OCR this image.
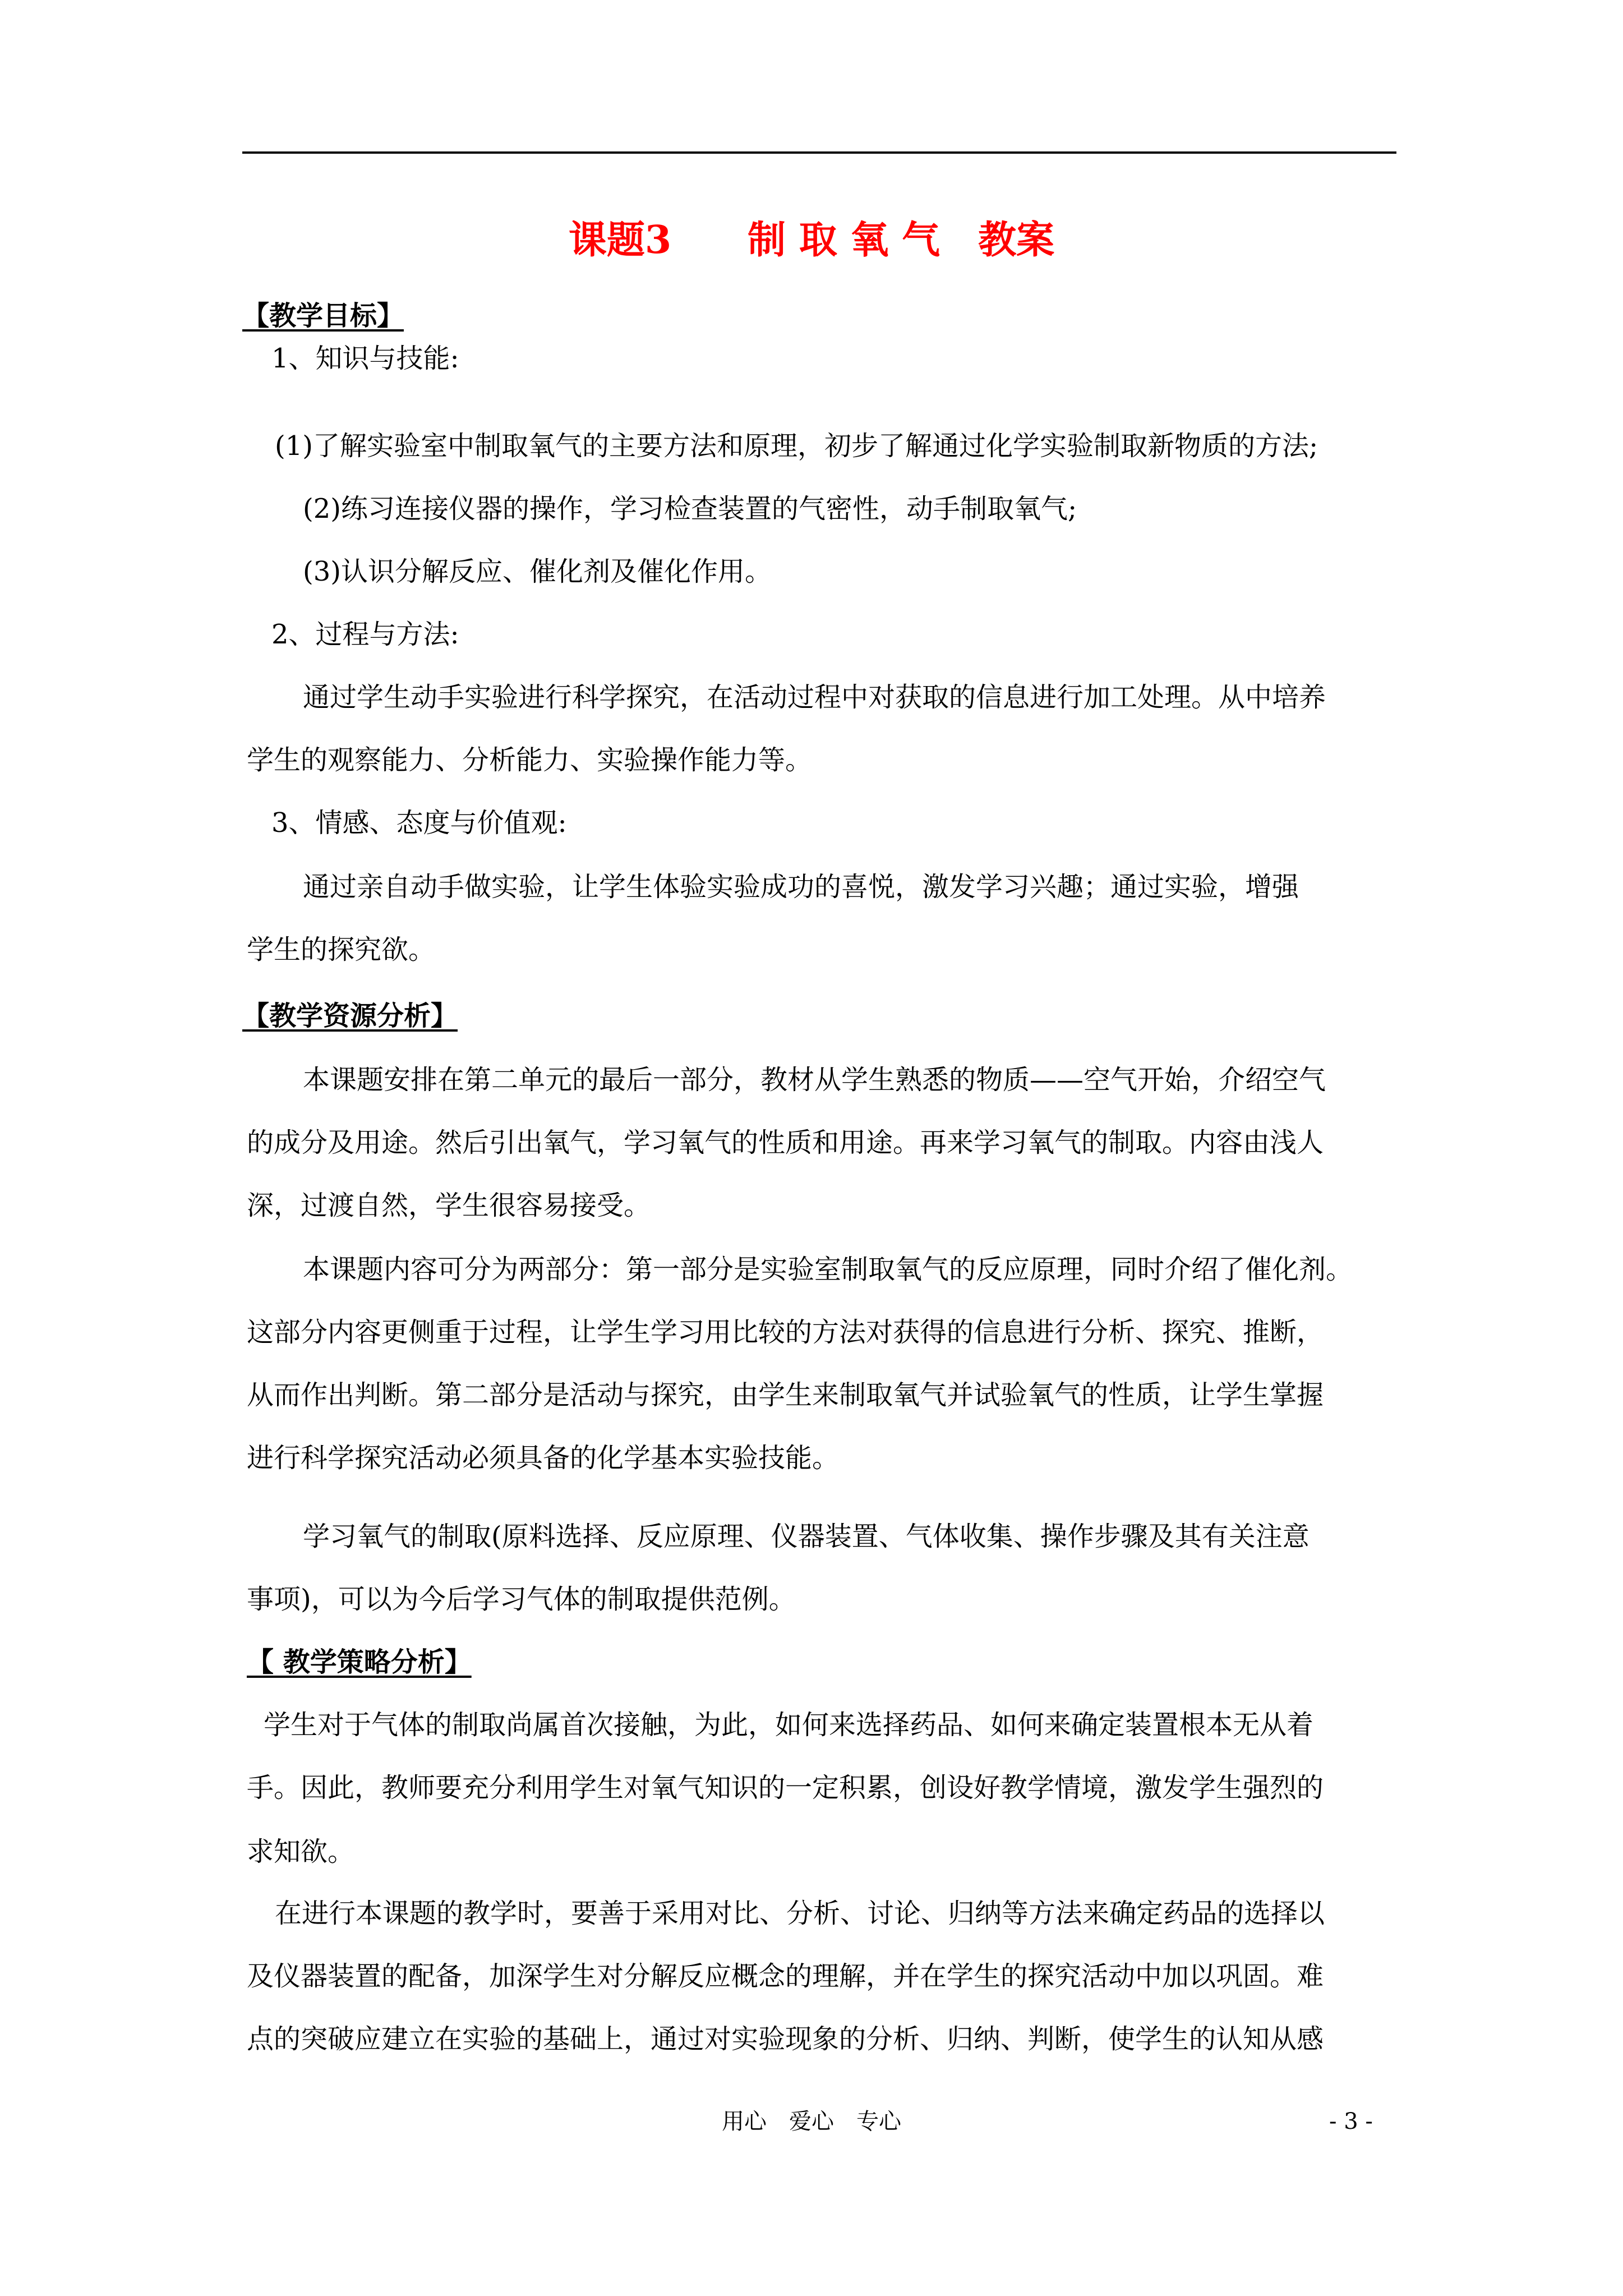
课题3　　制 取 氧 气　教案
【教学目标】
1、知识与技能:
(1)了解实验室中制取氧气的主要方法和原理，初步了解通过化学实验制取新物质的方法;
(2)练习连接仪器的操作，学习检查装置的气密性，动手制取氧气;
(3)认识分解反应、催化剂及催化作用。
2、过程与方法:
通过学生动手实验进行科学探究，在活动过程中对获取的信息进行加工处理。从中培养
学生的观察能力、分析能力、实验操作能力等。
3、情感、态度与价值观:
通过亲自动手做实验，让学生体验实验成功的喜悦，激发学习兴趣；通过实验，增强
学生的探究欲。
【教学资源分析】
本课题安排在第二单元的最后一部分，教材从学生熟悉的物质——空气开始，介绍空气
的成分及用途。然后引出氧气，学习氧气的性质和用途。再来学习氧气的制取。内容由浅人
深，过渡自然，学生很容易接受。
本课题内容可分为两部分：第一部分是实验室制取氧气的反应原理，同时介绍了催化剂。
这部分内容更侧重于过程，让学生学习用比较的方法对获得的信息进行分析、探究、推断，
从而作出判断。第二部分是活动与探究，由学生来制取氧气并试验氧气的性质，让学生掌握
进行科学探究活动必须具备的化学基本实验技能。
学习氧气的制取(原料选择、反应原理、仪器装置、气体收集、操作步骤及其有关注意
事项)，可以为今后学习气体的制取提供范例。
【 教学策略分析】
学生对于气体的制取尚属首次接触，为此，如何来选择药品、如何来确定装置根本无从着
手。因此，教师要充分利用学生对氧气知识的一定积累，创设好教学情境，激发学生强烈的
求知欲。
在进行本课题的教学时，要善于采用对比、分析、讨论、归纳等方法来确定药品的选择以
及仪器装置的配备，加深学生对分解反应概念的理解，并在学生的探究活动中加以巩固。难
点的突破应建立在实验的基础上，通过对实验现象的分析、归纳、判断，使学生的认知从感
用心　爱心　专心	- 3 -
